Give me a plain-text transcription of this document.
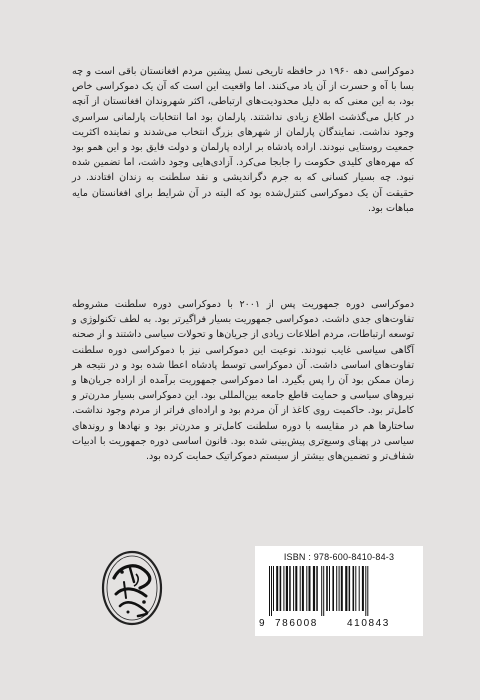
دموکراسی دهه ۱۹۶۰ در حافظه تاریخی نسل پیشین مردم افغانستان باقی است و چه بسا با آه و حسرت از آن یاد می‌کنند. اما واقعیت این است که آن یک دموکراسی خاص بود، به این معنی که به دلیل محدودیت‌های ارتباطی، اکثر شهروندان افغانستان از آنچه در کابل می‌گذشت اطلاع زیادی نداشتند. پارلمان بود اما انتخابات پارلمانی سراسری وجود نداشت. نمایندگان پارلمان از شهرهای بزرگ انتخاب می‌شدند و نماینده اکثریت جمعیت روستایی نبودند. اراده پادشاه بر اراده پارلمان و دولت فایق بود و این همو بود که مهره‌های کلیدی حکومت را جابجا می‌کرد. آزادی‌هایی وجود داشت، اما تضمین شده نبود. چه بسیار کسانی که به جرم دگراندیشی و نقد سلطنت به زندان افتادند. در حقیقت آن یک دموکراسی کنترل‌شده بود که البته در آن شرایط برای افغانستان مایه مباهات بود.
دموکراسی دوره جمهوریت پس از ۲۰۰۱ با دموکراسی دوره سلطنت مشروطه تفاوت‌های جدی داشت. دموکراسی جمهوریت بسیار فراگیرتر بود. به لطف تکنولوژی و توسعه ارتباطات، مردم اطلاعات زیادی از جریان‌ها و تحولات سیاسی داشتند و از صحنه آگاهی سیاسی غایب نبودند. نوعیت این دموکراسی نیز با دموکراسی دوره سلطنت تفاوت‌های اساسی داشت. آن دموکراسی توسط پادشاه اعطا شده بود و در نتیجه هر زمان ممکن بود آن را پس بگیرد. اما دموکراسی جمهوریت برآمده از اراده جریان‌ها و نیروهای سیاسی و حمایت قاطع جامعه بین‌المللی بود. این دموکراسی بسیار مدرن‌تر و کامل‌تر بود. حاکمیت روی کاغذ از آن مردم بود و اراده‌ای فراتر از مردم وجود نداشت. ساختارها هم در مقایسه با دوره سلطنت کامل‌تر و مدرن‌تر بود و نهادها و روندهای سیاسی در پهنای وسیع‌تری پیش‌بینی شده بود. قانون اساسی دوره جمهوریت با ادبیات شفاف‌تر و تضمین‌های بیشتر از سیستم دموکراتیک حمایت کرده بود.
ISBN : 978-600-8410-84-3
9 786008	410843
